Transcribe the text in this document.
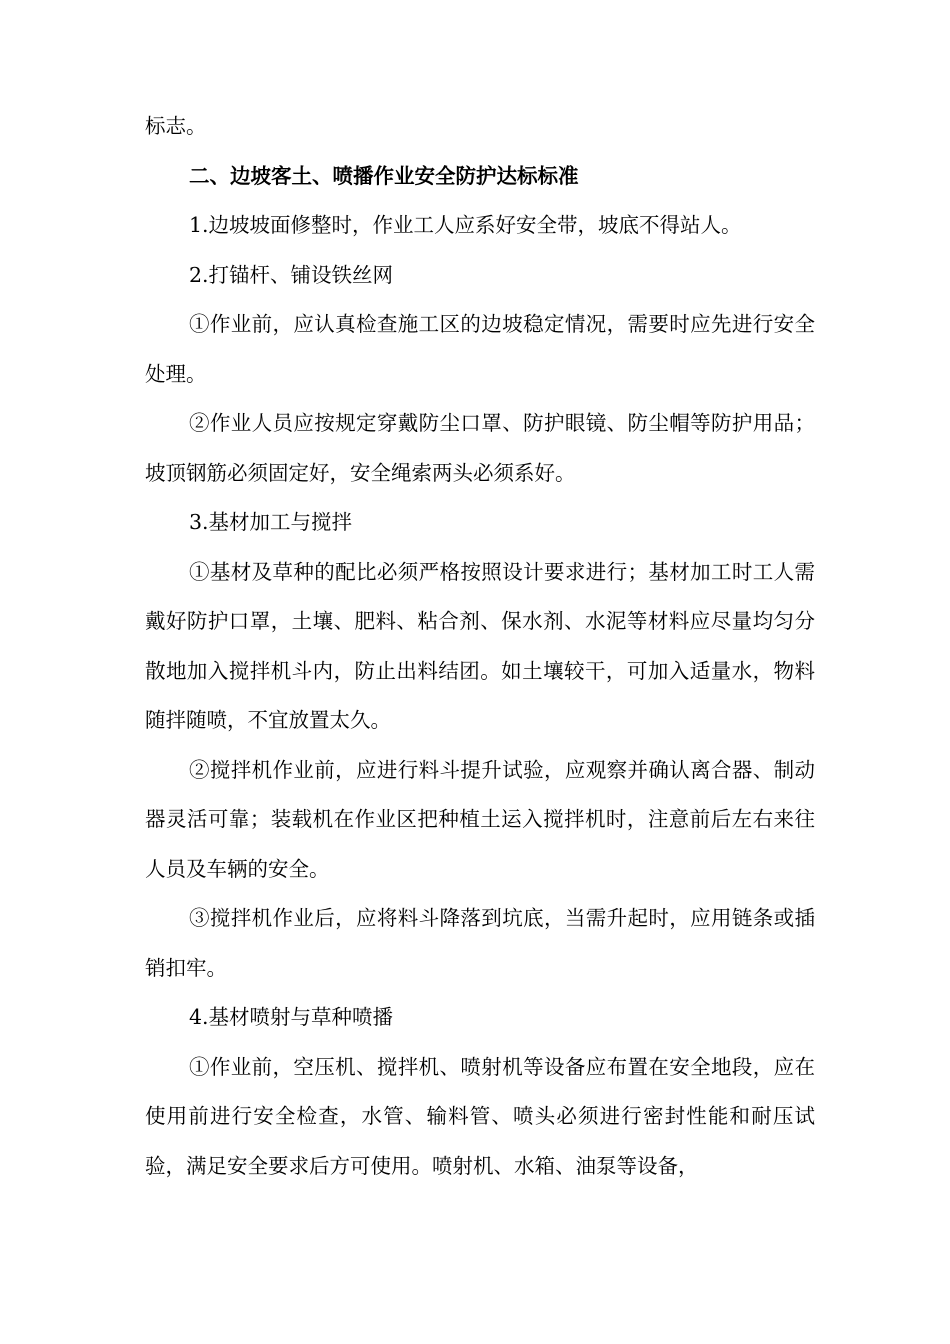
标志。

二、边坡客土、喷播作业安全防护达标标准

1.边坡坡面修整时，作业工人应系好安全带，坡底不得站人。

2.打锚杆、铺设铁丝网

①作业前，应认真检查施工区的边坡稳定情况，需要时应先进行安全处理。

②作业人员应按规定穿戴防尘口罩、防护眼镜、防尘帽等防护用品；坡顶钢筋必须固定好，安全绳索两头必须系好。

3.基材加工与搅拌

①基材及草种的配比必须严格按照设计要求进行；基材加工时工人需戴好防护口罩，土壤、肥料、粘合剂、保水剂、水泥等材料应尽量均匀分散地加入搅拌机斗内，防止出料结团。如土壤较干，可加入适量水，物料随拌随喷，不宜放置太久。

②搅拌机作业前，应进行料斗提升试验，应观察并确认离合器、制动器灵活可靠；装载机在作业区把种植土运入搅拌机时，注意前后左右来往人员及车辆的安全。

③搅拌机作业后，应将料斗降落到坑底，当需升起时，应用链条或插销扣牢。

4.基材喷射与草种喷播

①作业前，空压机、搅拌机、喷射机等设备应布置在安全地段，应在使用前进行安全检查，水管、输料管、喷头必须进行密封性能和耐压试验，满足安全要求后方可使用。喷射机、水箱、油泵等设备，
